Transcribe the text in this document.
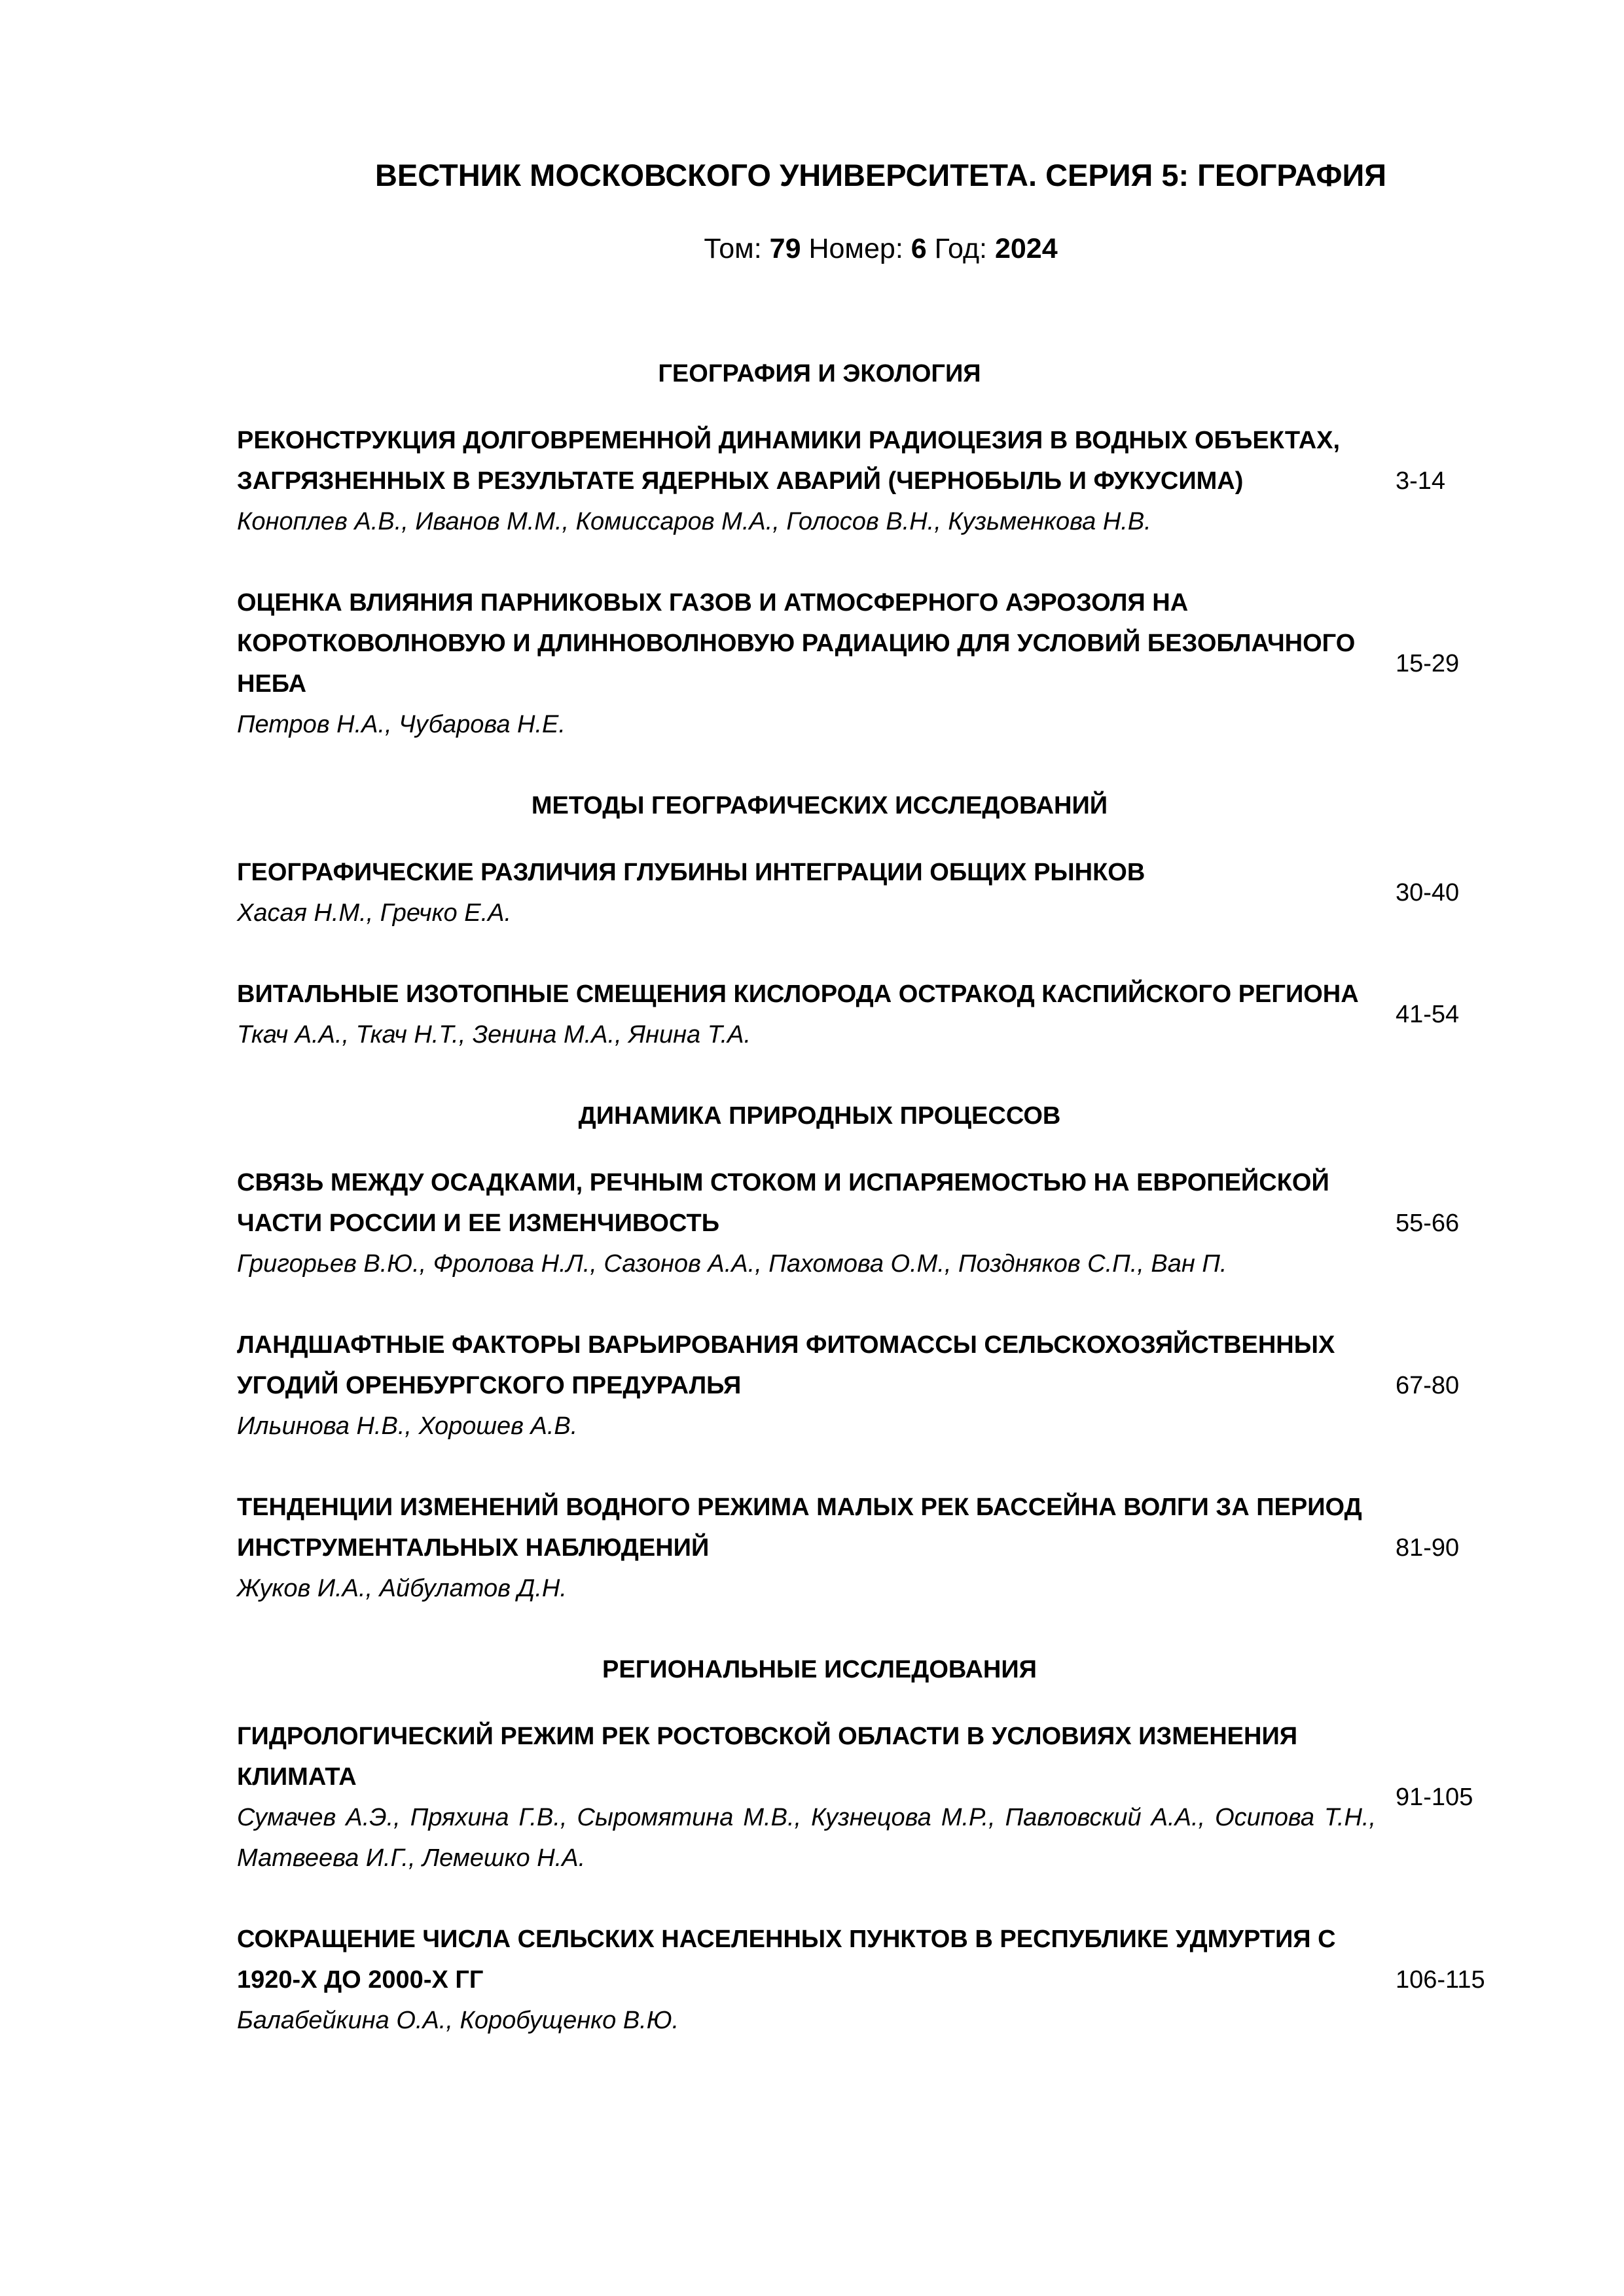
ВЕСТНИК МОСКОВСКОГО УНИВЕРСИТЕТА. СЕРИЯ 5: ГЕОГРАФИЯ
Том: 79 Номер: 6 Год: 2024
ГЕОГРАФИЯ И ЭКОЛОГИЯ
РЕКОНСТРУКЦИЯ ДОЛГОВРЕМЕННОЙ ДИНАМИКИ РАДИОЦЕЗИЯ В ВОДНЫХ ОБЪЕКТАХ, ЗАГРЯЗНЕННЫХ В РЕЗУЛЬТАТЕ ЯДЕРНЫХ АВАРИЙ (ЧЕРНОБЫЛЬ И ФУКУСИМА)
Коноплев А.В., Иванов М.М., Комиссаров М.А., Голосов В.Н., Кузьменкова Н.В.
3-14
ОЦЕНКА ВЛИЯНИЯ ПАРНИКОВЫХ ГАЗОВ И АТМОСФЕРНОГО АЭРОЗОЛЯ НА КОРОТКОВОЛНОВУЮ И ДЛИННОВОЛНОВУЮ РАДИАЦИЮ ДЛЯ УСЛОВИЙ БЕЗОБЛАЧНОГО НЕБА
Петров Н.А., Чубарова Н.Е.
15-29
МЕТОДЫ ГЕОГРАФИЧЕСКИХ ИССЛЕДОВАНИЙ
ГЕОГРАФИЧЕСКИЕ РАЗЛИЧИЯ ГЛУБИНЫ ИНТЕГРАЦИИ ОБЩИХ РЫНКОВ
Хасая Н.М., Гречко Е.А.
30-40
ВИТАЛЬНЫЕ ИЗОТОПНЫЕ СМЕЩЕНИЯ КИСЛОРОДА ОСТРАКОД КАСПИЙСКОГО РЕГИОНА
Ткач А.А., Ткач Н.Т., Зенина М.А., Янина Т.А.
41-54
ДИНАМИКА ПРИРОДНЫХ ПРОЦЕССОВ
СВЯЗЬ МЕЖДУ ОСАДКАМИ, РЕЧНЫМ СТОКОМ И ИСПАРЯЕМОСТЬЮ НА ЕВРОПЕЙСКОЙ ЧАСТИ РОССИИ И ЕЕ ИЗМЕНЧИВОСТЬ
Григорьев В.Ю., Фролова Н.Л., Сазонов А.А., Пахомова О.М., Поздняков С.П., Ван П.
55-66
ЛАНДШАФТНЫЕ ФАКТОРЫ ВАРЬИРОВАНИЯ ФИТОМАССЫ СЕЛЬСКОХОЗЯЙСТВЕННЫХ УГОДИЙ ОРЕНБУРГСКОГО ПРЕДУРАЛЬЯ
Ильинова Н.В., Хорошев А.В.
67-80
ТЕНДЕНЦИИ ИЗМЕНЕНИЙ ВОДНОГО РЕЖИМА МАЛЫХ РЕК БАССЕЙНА ВОЛГИ ЗА ПЕРИОД ИНСТРУМЕНТАЛЬНЫХ НАБЛЮДЕНИЙ
Жуков И.А., Айбулатов Д.Н.
81-90
РЕГИОНАЛЬНЫЕ ИССЛЕДОВАНИЯ
ГИДРОЛОГИЧЕСКИЙ РЕЖИМ РЕК РОСТОВСКОЙ ОБЛАСТИ В УСЛОВИЯХ ИЗМЕНЕНИЯ КЛИМАТА
Сумачев А.Э., Пряхина Г.В., Сыромятина М.В., Кузнецова М.Р., Павловский А.А., Осипова Т.Н., Матвеева И.Г., Лемешко Н.А.
91-105
СОКРАЩЕНИЕ ЧИСЛА СЕЛЬСКИХ НАСЕЛЕННЫХ ПУНКТОВ В РЕСПУБЛИКЕ УДМУРТИЯ С 1920-Х ДО 2000-Х ГГ
Балабейкина О.А., Коробущенко В.Ю.
106-115
